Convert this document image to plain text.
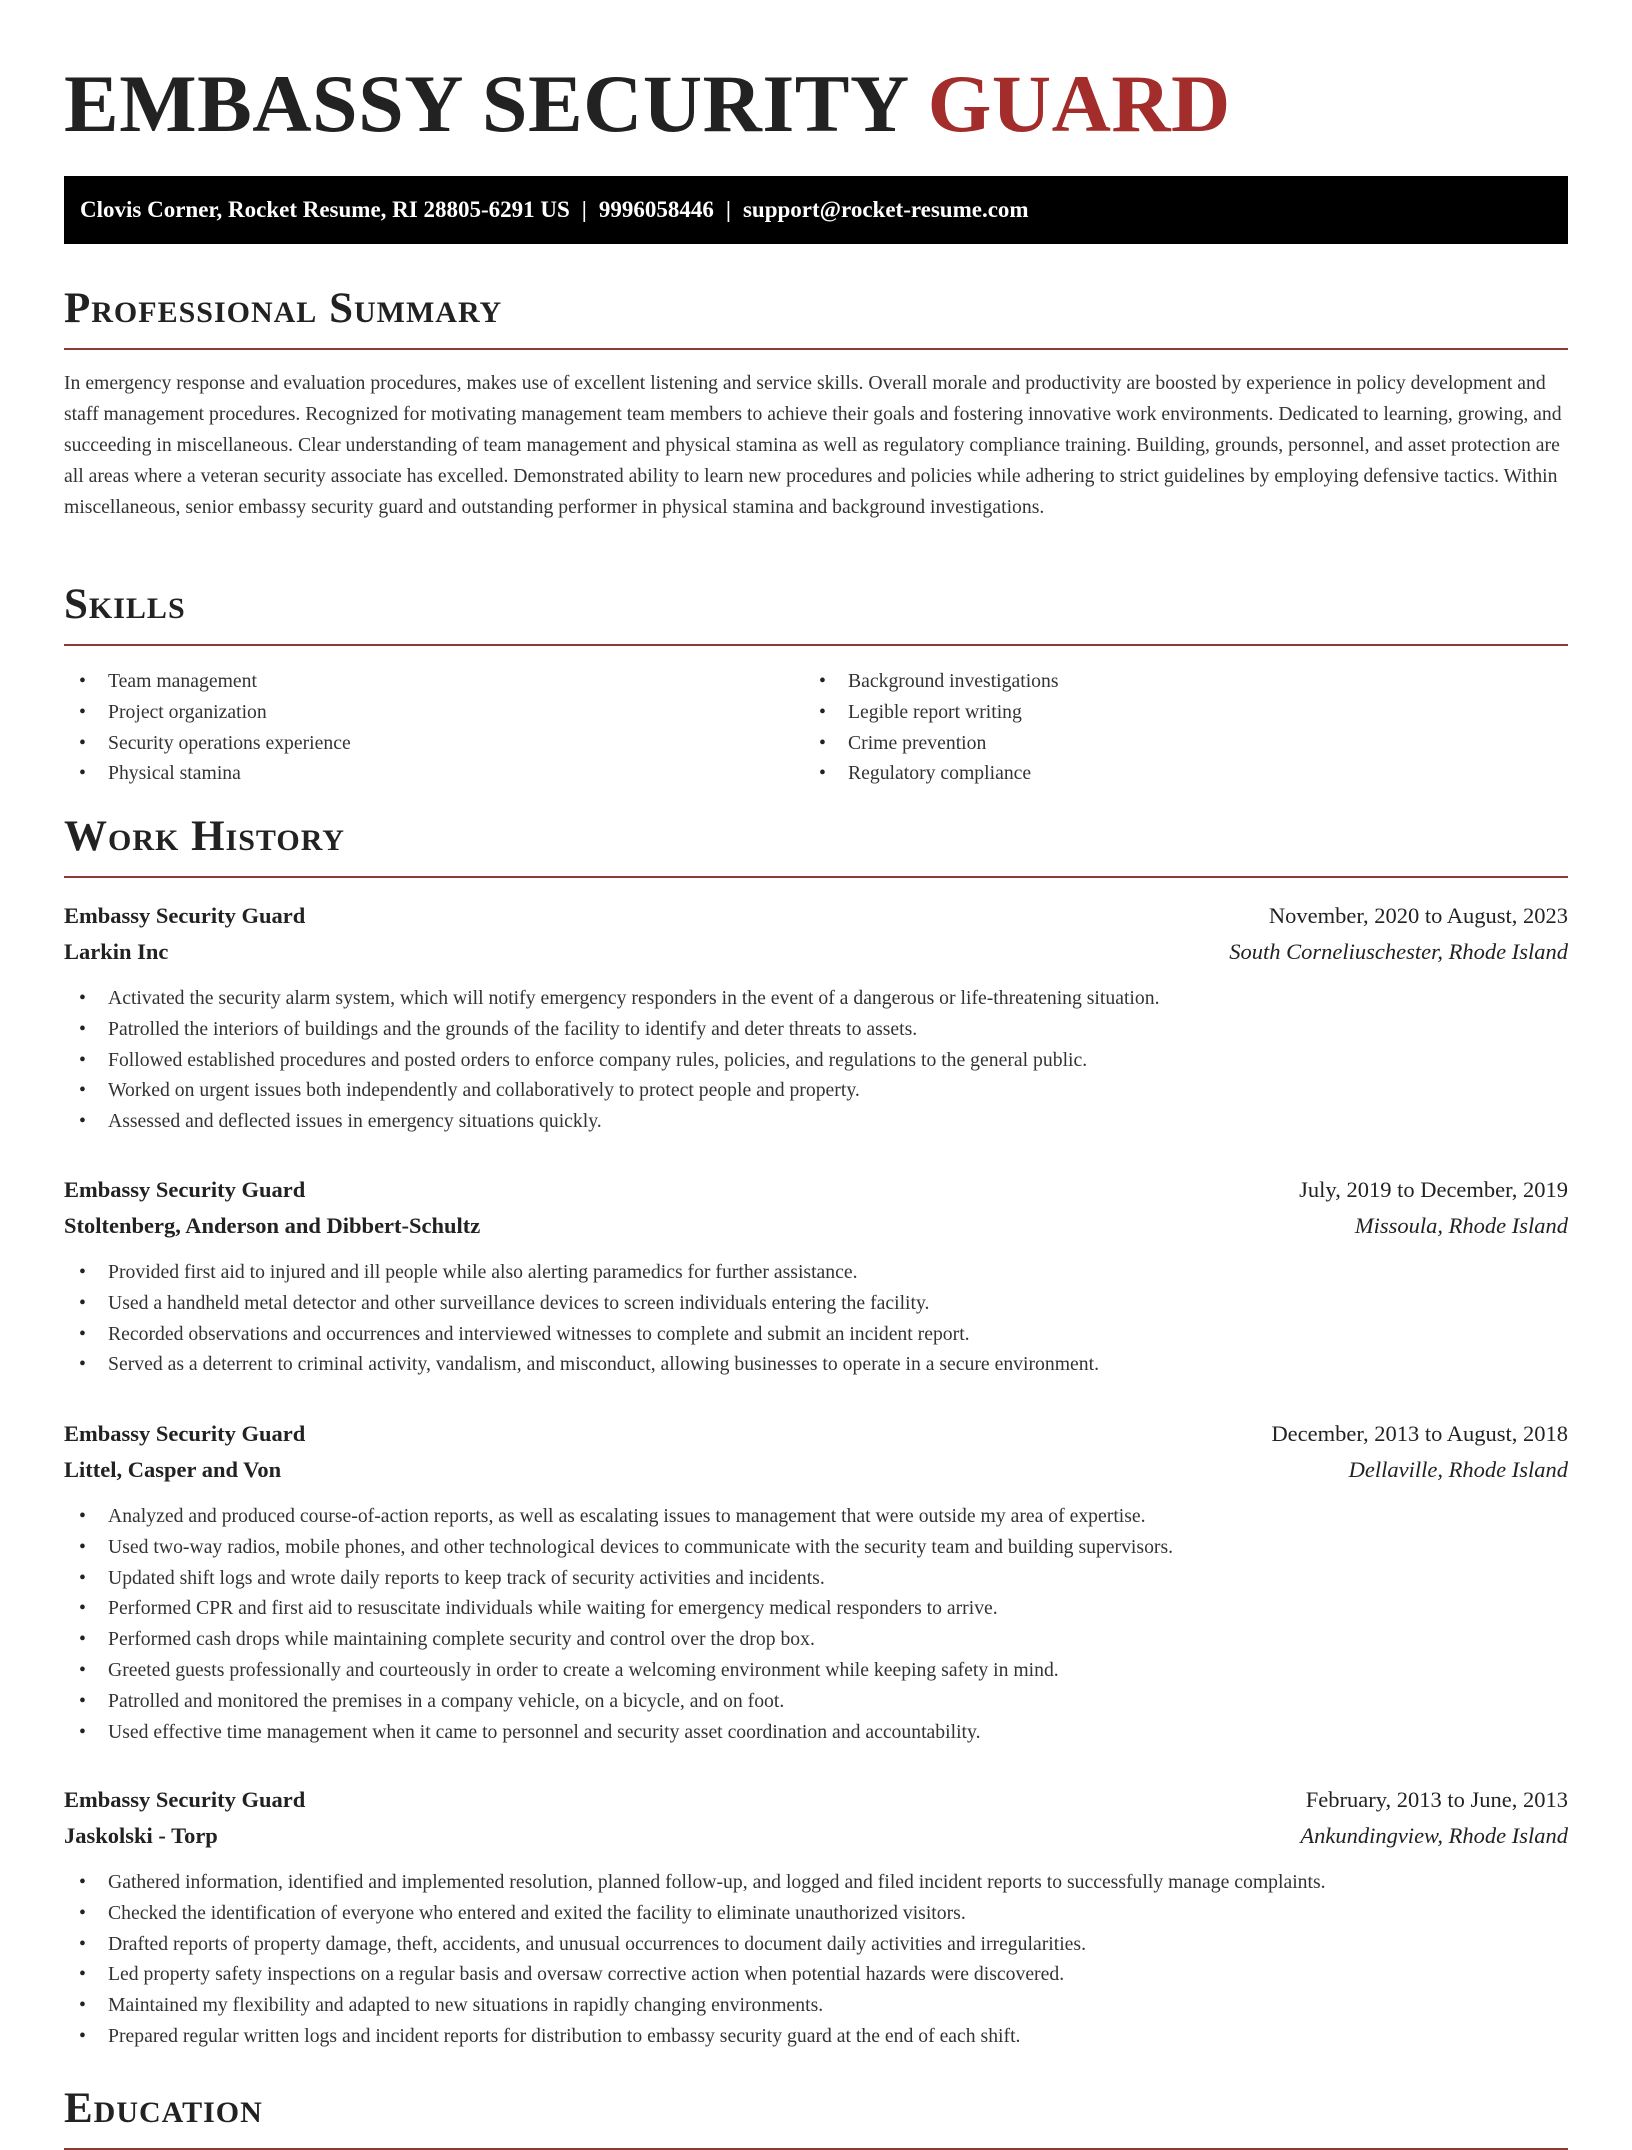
EMBASSY SECURITY GUARD
Clovis Corner, Rocket Resume, RI 28805-6291 US | 9996058446 | support@rocket-resume.com
Professional Summary

In emergency response and evaluation procedures, makes use of excellent listening and service skills. Overall morale and productivity are boosted by experience in policy development and staff management procedures. Recognized for motivating management team members to achieve their goals and fostering innovative work environments. Dedicated to learning, growing, and succeeding in miscellaneous. Clear understanding of team management and physical stamina as well as regulatory compliance training. Building, grounds, personnel, and asset protection are all areas where a veteran security associate has excelled. Demonstrated ability to learn new procedures and policies while adhering to strict guidelines by employing defensive tactics. Within miscellaneous, senior embassy security guard and outstanding performer in physical stamina and background investigations.

Skills
• Team management
• Project organization
• Security operations experience
• Physical stamina
• Background investigations
• Legible report writing
• Crime prevention
• Regulatory compliance
Work History
Embassy Security Guard	November, 2020 to August, 2023
Larkin Inc	South Corneliuschester, Rhode Island
• Activated the security alarm system, which will notify emergency responders in the event of a dangerous or life-threatening situation.
• Patrolled the interiors of buildings and the grounds of the facility to identify and deter threats to assets.
• Followed established procedures and posted orders to enforce company rules, policies, and regulations to the general public.
• Worked on urgent issues both independently and collaboratively to protect people and property.
• Assessed and deflected issues in emergency situations quickly.
Embassy Security Guard	July, 2019 to December, 2019
Stoltenberg, Anderson and Dibbert-Schultz	Missoula, Rhode Island
• Provided first aid to injured and ill people while also alerting paramedics for further assistance.
• Used a handheld metal detector and other surveillance devices to screen individuals entering the facility.
• Recorded observations and occurrences and interviewed witnesses to complete and submit an incident report.
• Served as a deterrent to criminal activity, vandalism, and misconduct, allowing businesses to operate in a secure environment.
Embassy Security Guard	December, 2013 to August, 2018
Littel, Casper and Von	Dellaville, Rhode Island
• Analyzed and produced course-of-action reports, as well as escalating issues to management that were outside my area of expertise.
• Used two-way radios, mobile phones, and other technological devices to communicate with the security team and building supervisors.
• Updated shift logs and wrote daily reports to keep track of security activities and incidents.
• Performed CPR and first aid to resuscitate individuals while waiting for emergency medical responders to arrive.
• Performed cash drops while maintaining complete security and control over the drop box.
• Greeted guests professionally and courteously in order to create a welcoming environment while keeping safety in mind.
• Patrolled and monitored the premises in a company vehicle, on a bicycle, and on foot.
• Used effective time management when it came to personnel and security asset coordination and accountability.
Embassy Security Guard	February, 2013 to June, 2013
Jaskolski - Torp	Ankundingview, Rhode Island
• Gathered information, identified and implemented resolution, planned follow-up, and logged and filed incident reports to successfully manage complaints.
• Checked the identification of everyone who entered and exited the facility to eliminate unauthorized visitors.
• Drafted reports of property damage, theft, accidents, and unusual occurrences to document daily activities and irregularities.
• Led property safety inspections on a regular basis and oversaw corrective action when potential hazards were discovered.
• Maintained my flexibility and adapted to new situations in rapidly changing environments.
• Prepared regular written logs and incident reports for distribution to embassy security guard at the end of each shift.
Education
